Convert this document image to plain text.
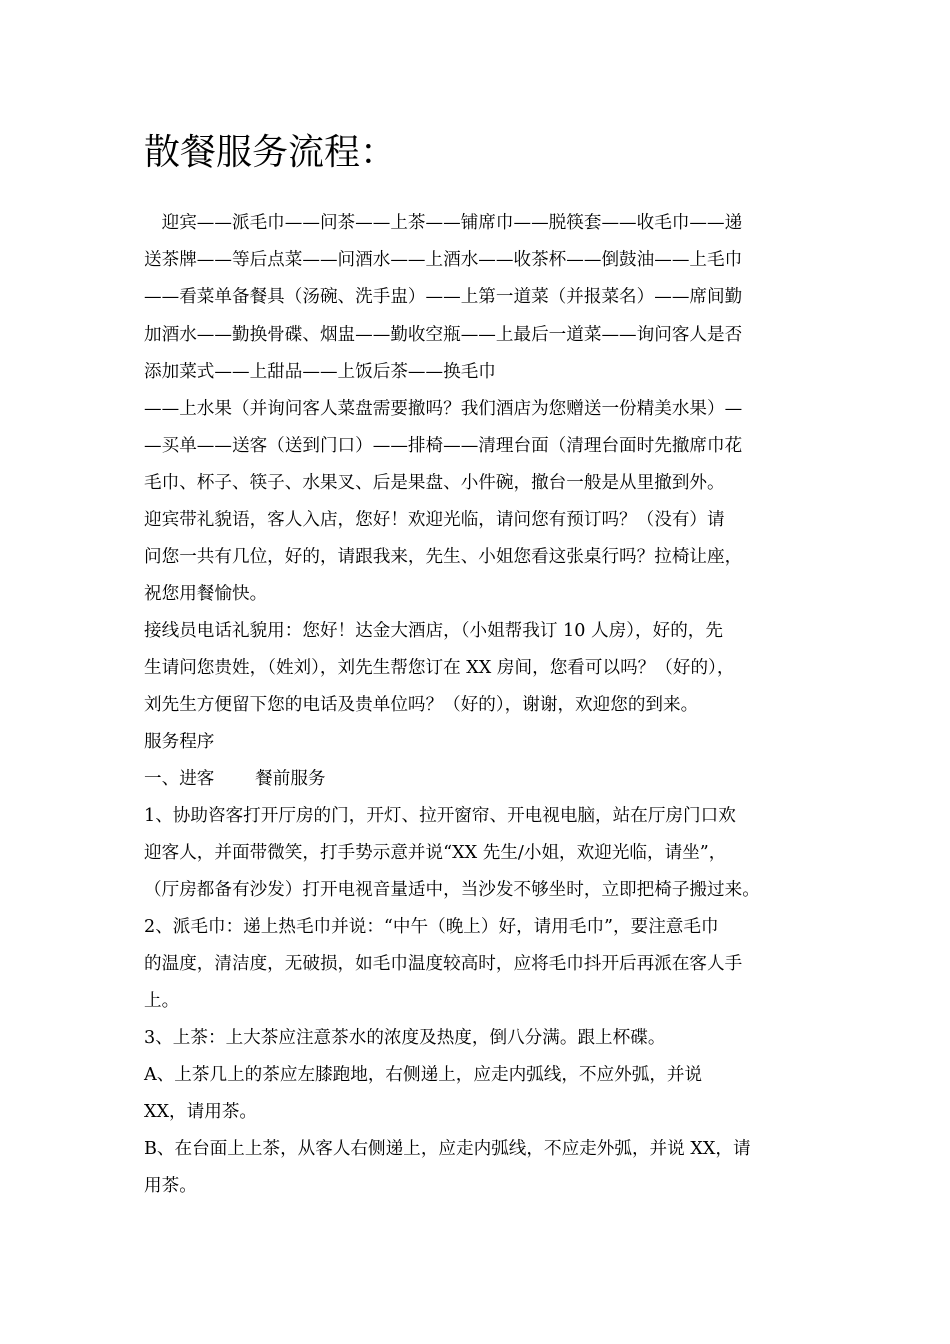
散餐服务流程：
　迎宾——派毛巾——问茶——上茶——铺席巾——脱筷套——收毛巾——递
送茶牌——等后点菜——问酒水——上酒水——收茶杯——倒鼓油——上毛巾
——看菜单备餐具（汤碗、洗手盅）——上第一道菜（并报菜名）——席间勤
加酒水——勤换骨碟、烟盅——勤收空瓶——上最后一道菜——询问客人是否
添加菜式——上甜品——上饭后茶——换毛巾
——上水果（并询问客人菜盘需要撤吗？我们酒店为您赠送一份精美水果）—
—买单——送客（送到门口）——排椅——清理台面（清理台面时先撤席巾花
毛巾、杯子、筷子、水果叉、后是果盘、小件碗，撤台一般是从里撤到外。
迎宾带礼貌语，客人入店，您好！欢迎光临，请问您有预订吗？（没有）请
问您一共有几位，好的，请跟我来，先生、小姐您看这张桌行吗？拉椅让座，
祝您用餐愉快。
接线员电话礼貌用：您好！达金大酒店，（小姐帮我订 10 人房），好的，先
生请问您贵姓，（姓刘），刘先生帮您订在 XX 房间，您看可以吗？（好的），
刘先生方便留下您的电话及贵单位吗？（好的），谢谢，欢迎您的到来。
服务程序
一、进客　　 餐前服务
1、协助咨客打开厅房的门，开灯、拉开窗帘、开电视电脑，站在厅房门口欢
迎客人，并面带微笑，打手势示意并说“XX 先生/小姐，欢迎光临，请坐”，
（厅房都备有沙发）打开电视音量适中，当沙发不够坐时，立即把椅子搬过来。
2、派毛巾：递上热毛巾并说：“中午（晚上）好，请用毛巾”，要注意毛巾
的温度，清洁度，无破损，如毛巾温度较高时，应将毛巾抖开后再派在客人手
上。
3、上茶：上大茶应注意茶水的浓度及热度，倒八分满。跟上杯碟。
A、上茶几上的茶应左膝跑地，右侧递上，应走内弧线，不应外弧，并说
XX，请用茶。
B、在台面上上茶，从客人右侧递上，应走内弧线，不应走外弧，并说 XX，请
用茶。
